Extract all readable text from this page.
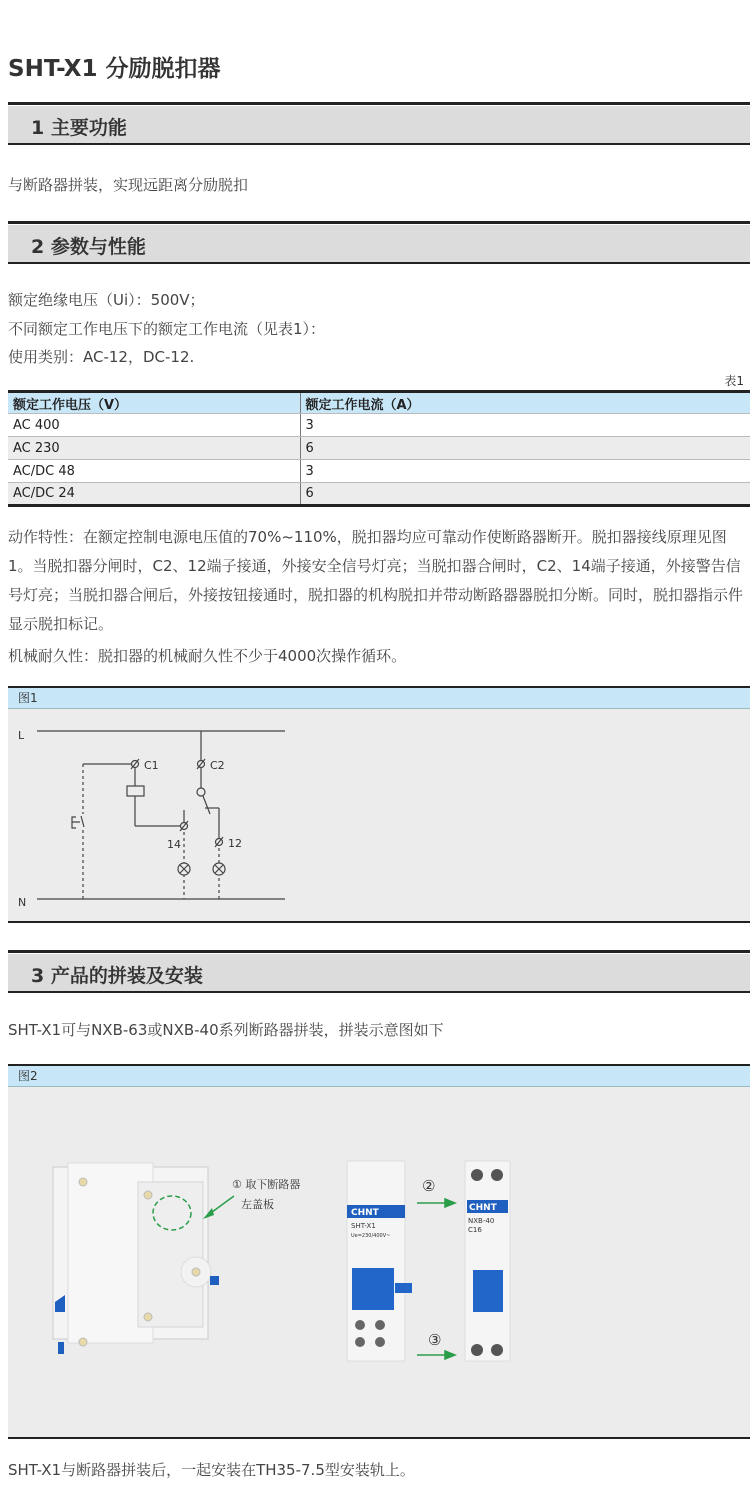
SHT-X1 分励脱扣器
1 主要功能
与断路器拼装，实现远距离分励脱扣
2 参数与性能
额定绝缘电压（Ui）：500V；
不同额定工作电压下的额定工作电流（见表1）：
使用类别：AC-12，DC-12.
表1
额定工作电压（V）	额定工作电流（A）
AC 400	3
AC 230	6
AC/DC 48	3
AC/DC 24	6
动作特性：在额定控制电源电压值的70%~110%，脱扣器均应可靠动作使断路器断开。脱扣器接线原理见图1。当脱扣器分闸时，C2、12端子接通，外接安全信号灯亮；当脱扣器合闸时，C2、14端子接通，外接警告信号灯亮；当脱扣器合闸后，外接按钮接通时，脱扣器的机构脱扣并带动断路器器脱扣分断。同时，脱扣器指示件显示脱扣标记。
机械耐久性：脱扣器的机械耐久性不少于4000次操作循环。
图1
L
N
C1	C2
14	12
3 产品的拼装及安装
SHT-X1可与NXB-63或NXB-40系列断路器拼装，拼装示意图如下
图2
① 取下断路器
左盖板
CHNT
SHT-X1
Ue=230/400V~
CHNT
NXB-40
C16
②
③
SHT-X1与断路器拼装后，一起安装在TH35-7.5型安装轨上。
